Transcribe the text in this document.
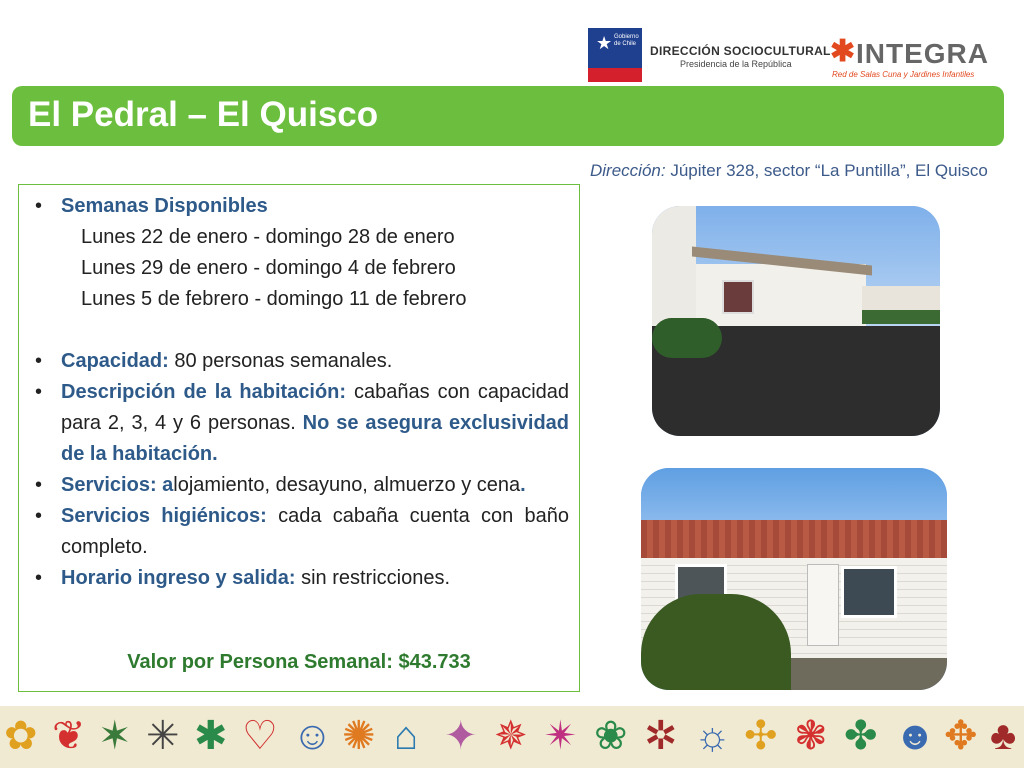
★ Gobierno de Chile	DIRECCIÓN SOCIOCULTURAL
Presidencia de la República ✱ INTEGRA
Red de Salas Cuna y Jardines Infantiles
El Pedral – El Quisco
Dirección: Júpiter 328, sector “La Puntilla”, El Quisco
• Semanas Disponibles
Lunes 22 de enero - domingo 28 de enero
Lunes 29 de enero - domingo 4 de febrero
Lunes 5 de febrero - domingo 11 de febrero
• Capacidad: 80 personas semanales.
• Descripción de la habitación: cabañas con capacidad para 2, 3, 4 y 6 personas. No se asegura exclusividad de la habitación.
• Servicios: alojamiento, desayuno, almuerzo y cena.
• Servicios higiénicos: cada cabaña cuenta con baño completo.
• Horario ingreso y salida: sin restricciones.
Valor por Persona Semanal: $43.733
✿ ❦ ✶ ✳ ✱ ♡ ☺ ✺ ⌂ ✦ ✵ ✴ ❀ ✲ ☼ ✣ ❃ ✤ ☻ ✥ ♣
